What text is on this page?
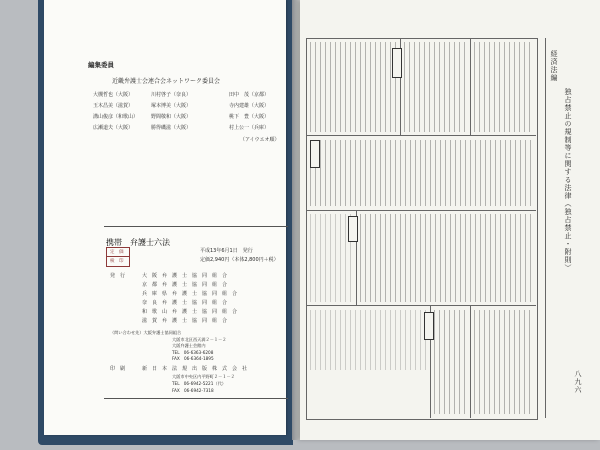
編集委員
近畿弁護士会連合会ネットワーク委員会
大槻哲也（大阪）	川村啓子（奈良）	田中　茂（京都）
玉木昌美（滋賀）	塚本博美（大阪）	寺内建雄（大阪）
溝山俊彦（和歌山）	野間敬和（大阪）	桃下　豊（大阪）
広瀬道夫（大阪）	勝得磯滋（大阪）	村上公一（兵庫）
（アイウエオ順）
携帯　弁護士六法
定　価
検　印
平成13年6月1日　発行
定価2,940円（本体2,800円＋税）
発　行	大　阪　弁　護　士　協　同　組　合
京　都　弁　護　士　協　同　組　合
兵　庫　県　弁　護　士　協　同　組　合
奈　良　弁　護　士　協　同　組　合
和　歌　山　弁　護　士　協　同　組　合
滋　賀　弁　護　士　協　同　組　合
（問い合わせ先）大阪弁護士協同組合
大阪市北区西天満２－１－２
大阪弁護士会館内
TEL　06-6363-6208
FAX　06-6364-1895
印　刷	新　日　本　法　規　出　版　株　式　会　社
大阪市中央区内平野町２－１－２
TEL　06-6942-5221（代）
FAX　06-6942-7318
経済法編
独占禁止の規制等に関する法律（独占禁止・附則）
八九六
